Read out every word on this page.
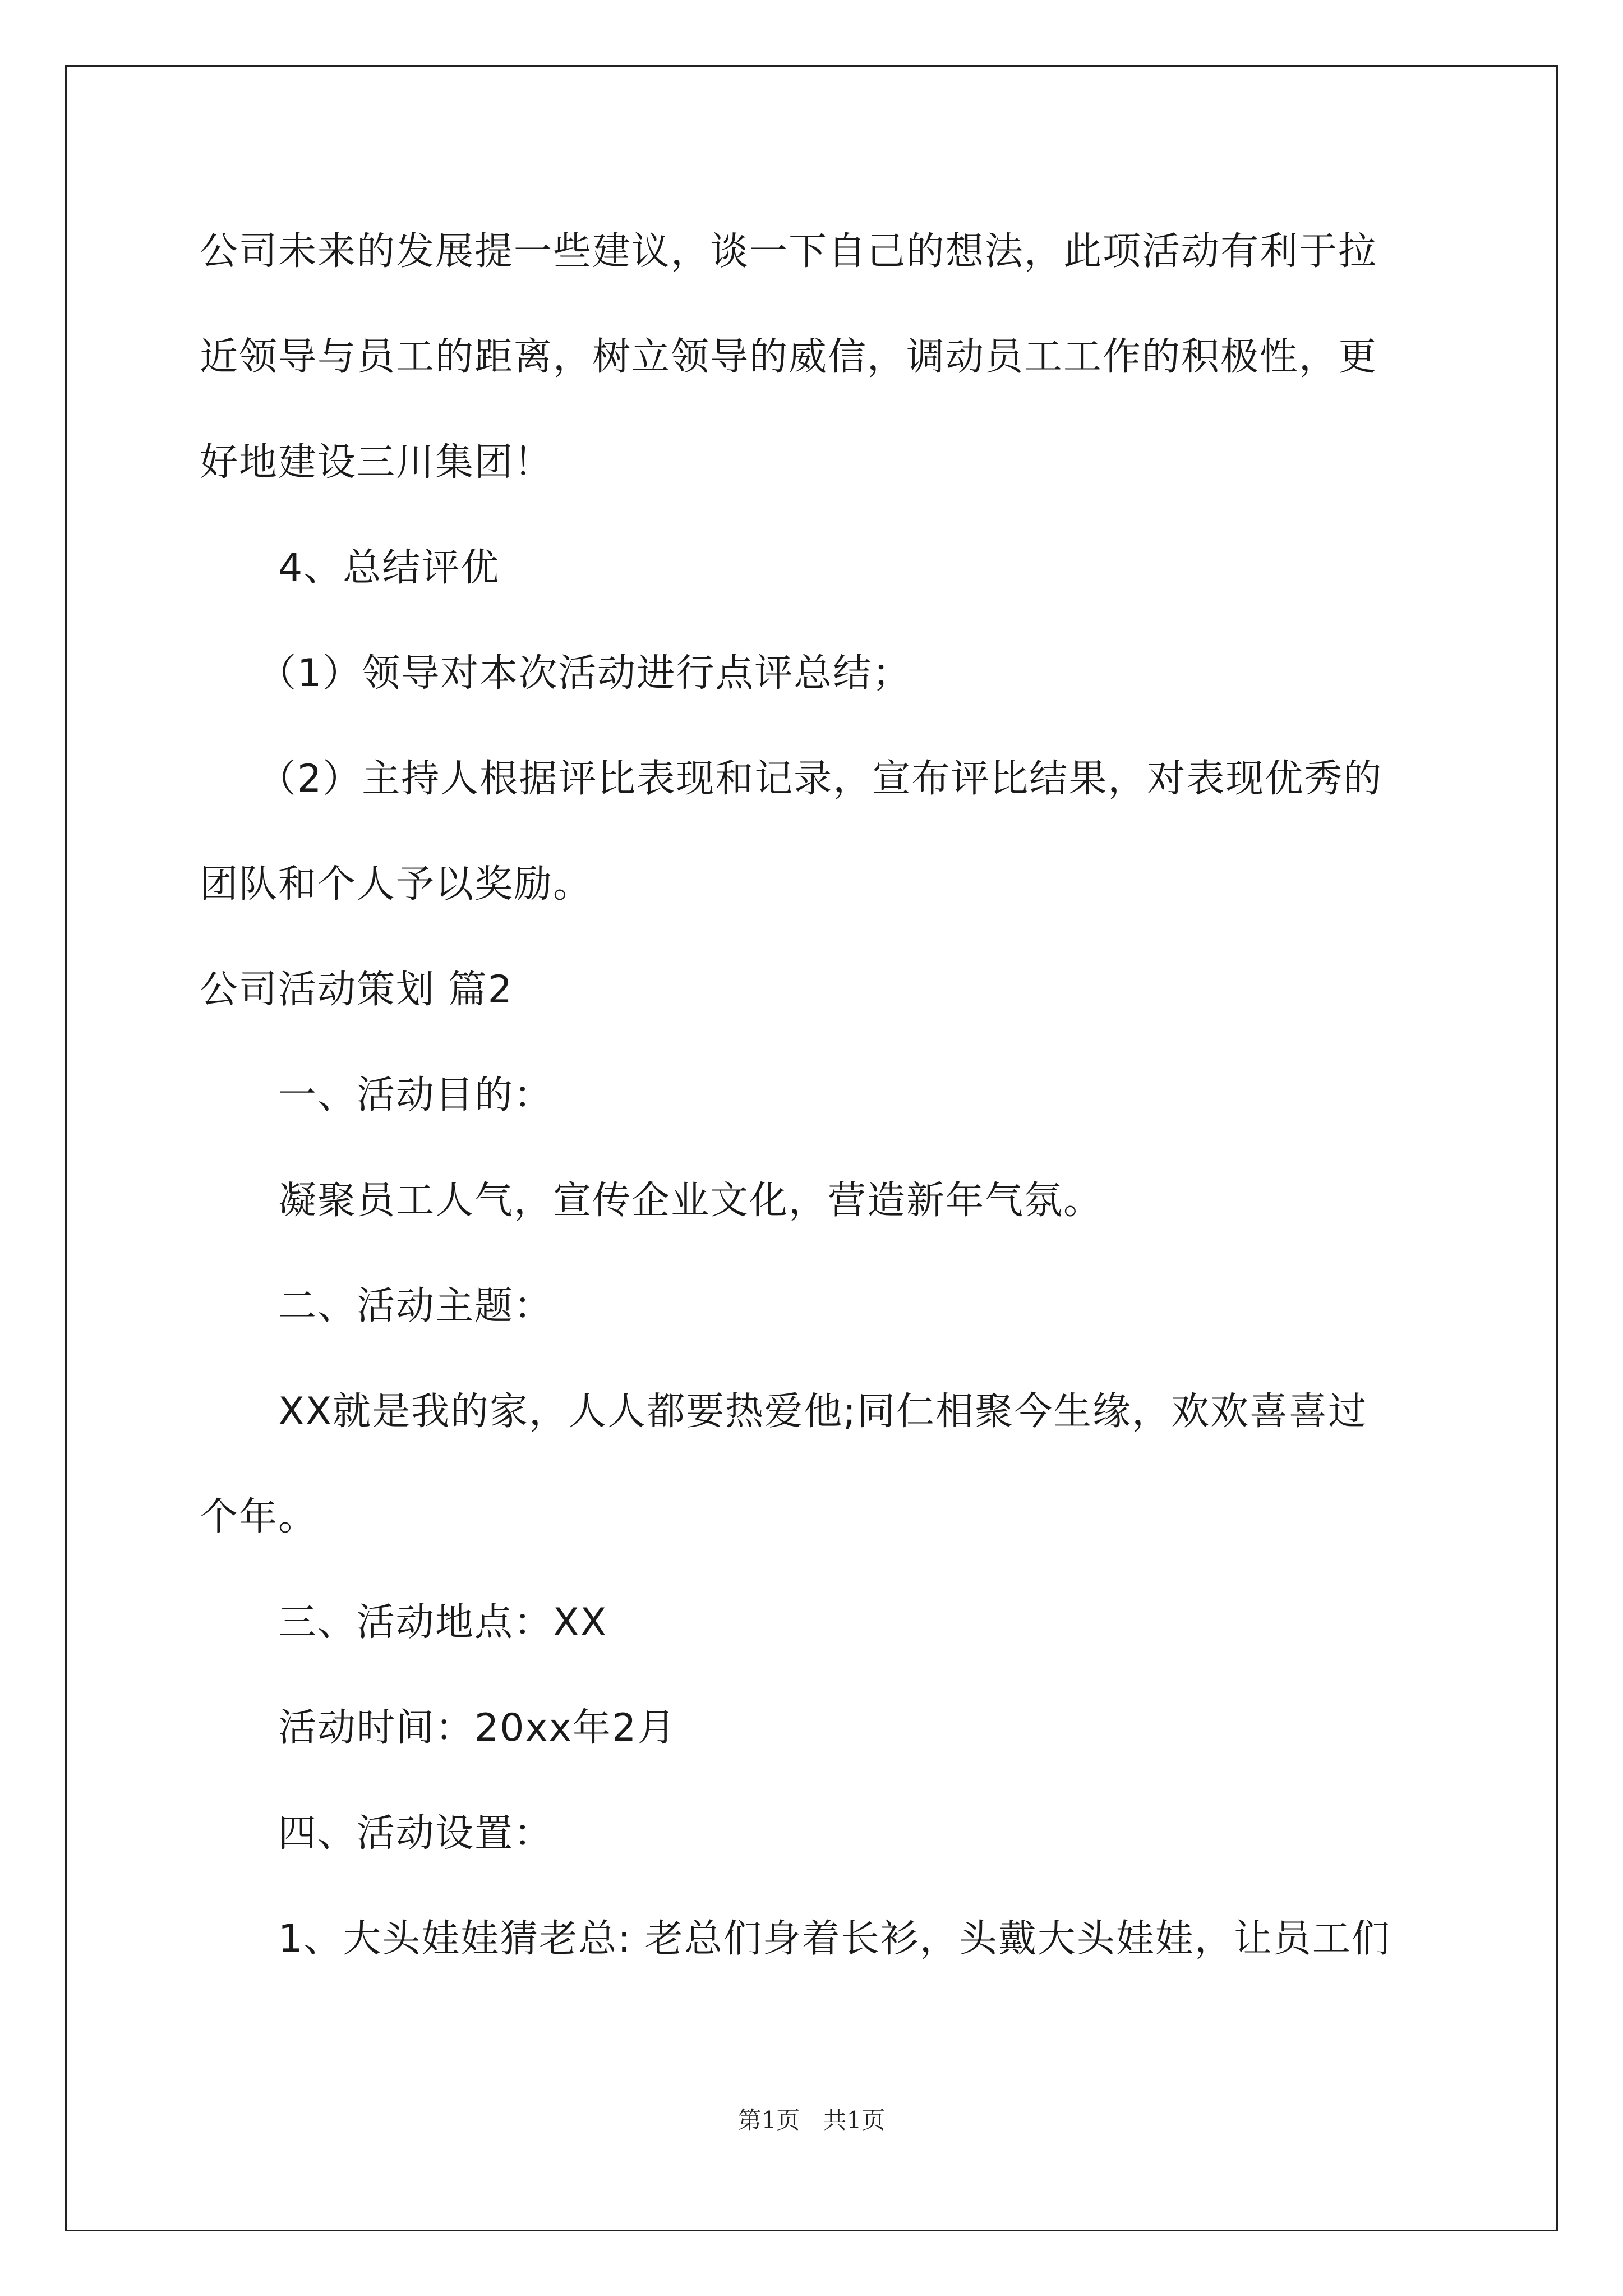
公司未来的发展提一些建议，谈一下自己的想法，此项活动有利于拉
近领导与员工的距离，树立领导的威信，调动员工工作的积极性，更
好地建设三川集团！
4、总结评优
（1）领导对本次活动进行点评总结；
（2）主持人根据评比表现和记录，宣布评比结果，对表现优秀的
团队和个人予以奖励。
公司活动策划 篇2
一、活动目的：
凝聚员工人气，宣传企业文化，营造新年气氛。
二、活动主题：
XX就是我的家，人人都要热爱他;同仁相聚今生缘，欢欢喜喜过
个年。
三、活动地点：XX
活动时间：20xx年2月
四、活动设置：
1、大头娃娃猜老总: 老总们身着长衫，头戴大头娃娃，让员工们
第1页 共1页
